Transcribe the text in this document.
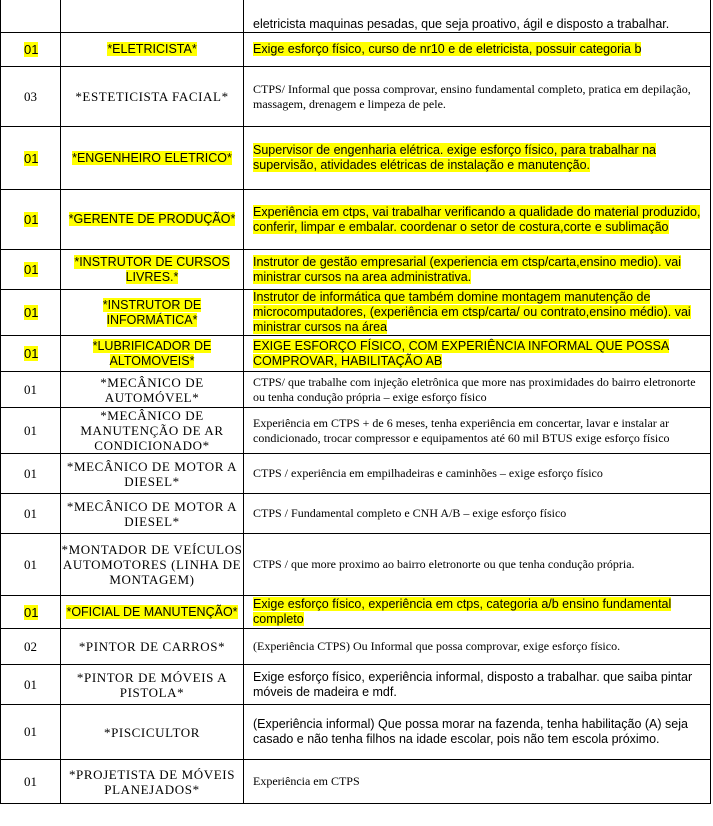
		eletricista maquinas pesadas, que seja proativo, ágil e disposto a trabalhar.
01	*ELETRICISTA*	Exige esforço físico, curso de nr10 e de eletricista, possuir categoria b
03	*ESTETICISTA FACIAL*	CTPS/ Informal que possa comprovar, ensino fundamental completo, pratica em depilação, massagem, drenagem e limpeza de pele.
01	*ENGENHEIRO ELETRICO*	Supervisor de engenharia elétrica. exige esforço físico, para trabalhar na supervisão, atividades elétricas de instalação e manutenção.
01	*GERENTE DE PRODUÇÃO*	Experiência em ctps, vai trabalhar verificando a qualidade do material produzido, conferir, limpar e embalar. coordenar o setor de costura,corte e sublimação
01	*INSTRUTOR DE CURSOS LIVRES.*	Instrutor de gestão empresarial (experiencia em ctsp/carta,ensino medio). vai ministrar cursos na area administrativa.
01	*INSTRUTOR DE INFORMÁTICA*	Instrutor de informática que também domine montagem manutenção de microcomputadores, (experiência em ctsp/carta/ ou contrato,ensino médio). vai ministrar cursos na área
01	*LUBRIFICADOR DE ALTOMOVEIS*	EXIGE ESFORÇO FÍSICO, COM EXPERIÊNCIA INFORMAL QUE POSSA COMPROVAR, HABILITAÇÃO AB
01	*MECÂNICO DE AUTOMÓVEL*	CTPS/ que trabalhe com injeção eletrônica que more nas proximidades do bairro eletronorte ou tenha condução própria – exige esforço físico
01	*MECÂNICO DE MANUTENÇÃO DE AR CONDICIONADO*	Experiência em CTPS + de 6 meses, tenha experiência em concertar, lavar e instalar ar condicionado, trocar compressor e equipamentos até 60 mil BTUS exige esforço físico
01	*MECÂNICO DE MOTOR A DIESEL*	CTPS / experiência em empilhadeiras e caminhões – exige esforço físico
01	*MECÂNICO DE MOTOR A DIESEL*	CTPS / Fundamental completo e CNH A/B – exige esforço físico
01	*MONTADOR DE VEÍCULOS AUTOMOTORES (LINHA DE MONTAGEM)	CTPS / que more proximo ao bairro eletronorte ou que tenha condução própria.
01	*OFICIAL DE MANUTENÇÃO*	Exige esforço físico, experiência em ctps, categoria a/b ensino fundamental completo
02	*PINTOR DE CARROS*	(Experiência CTPS) Ou Informal que possa comprovar, exige esforço físico.
01	*PINTOR DE MÓVEIS A PISTOLA*	Exige esforço físico, experiência informal, disposto a trabalhar. que saiba pintar móveis de madeira e mdf.
01	*PISCICULTOR	(Experiência informal) Que possa morar na fazenda, tenha habilitação (A) seja casado e não tenha filhos na idade escolar, pois não tem escola próximo.
01	*PROJETISTA DE MÓVEIS PLANEJADOS*	Experiência em CTPS
